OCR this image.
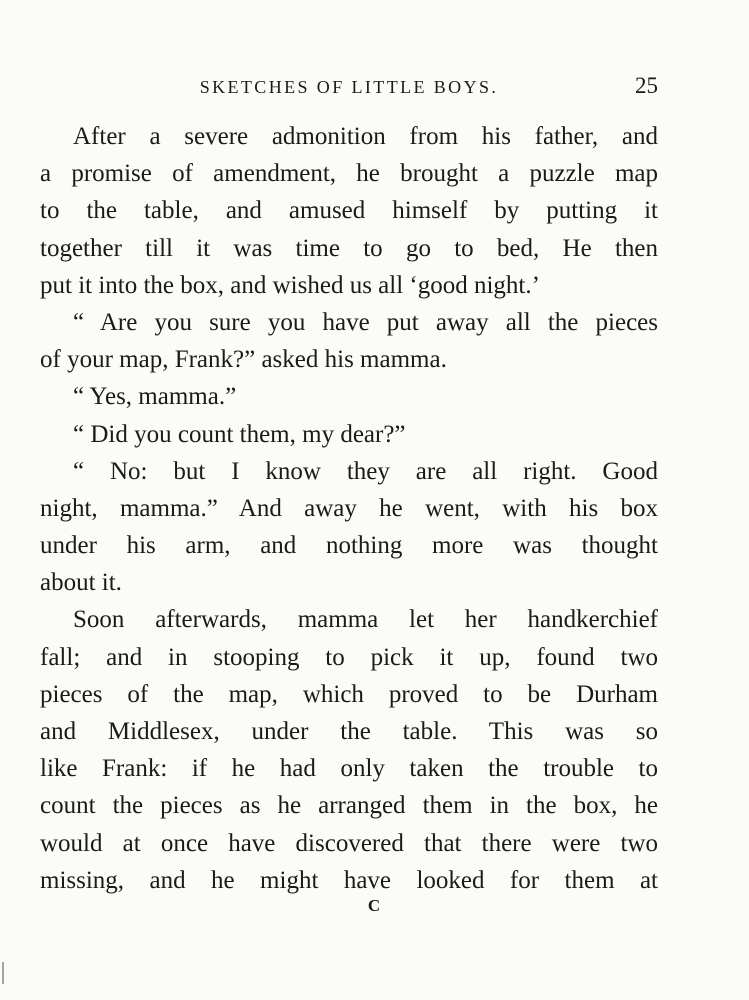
SKETCHES OF LITTLE BOYS.	25
After a severe admonition from his father, and
a promise of amendment, he brought a puzzle map
to the table, and amused himself by putting it
together till it was time to go to bed, He then
put it into the box, and wished us all ‘good night.’
“ Are you sure you have put away all the pieces
of your map, Frank?” asked his mamma.
“ Yes, mamma.”
“ Did you count them, my dear?”
“ No: but I know they are all right. Good
night, mamma.” And away he went, with his box
under his arm, and nothing more was thought
about it.
Soon afterwards, mamma let her handkerchief
fall; and in stooping to pick it up, found two
pieces of the map, which proved to be Durham
and Middlesex, under the table. This was so
like Frank: if he had only taken the trouble to
count the pieces as he arranged them in the box, he
would at once have discovered that there were two
missing, and he might have looked for them at
C
